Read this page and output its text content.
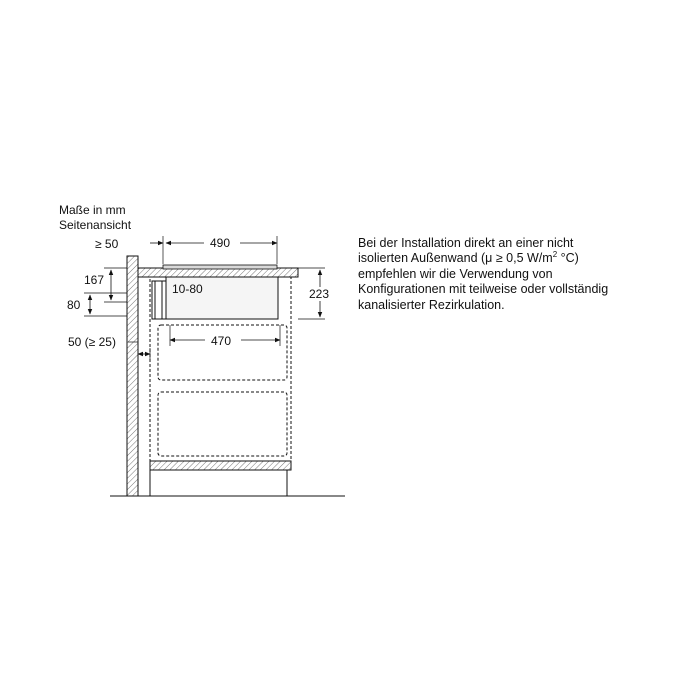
Maße in mm
Seitenansicht
≥ 50	490
167
80
10-80	223
470
50 (≥ 25)
Bei der Installation direkt an einer nicht
isolierten Außenwand (μ ≥ 0,5 $W/m^2$ °C)
empfehlen wir die Verwendung von
Konfigurationen mit teilweise oder vollständig
kanalisierter Rezirkulation.
